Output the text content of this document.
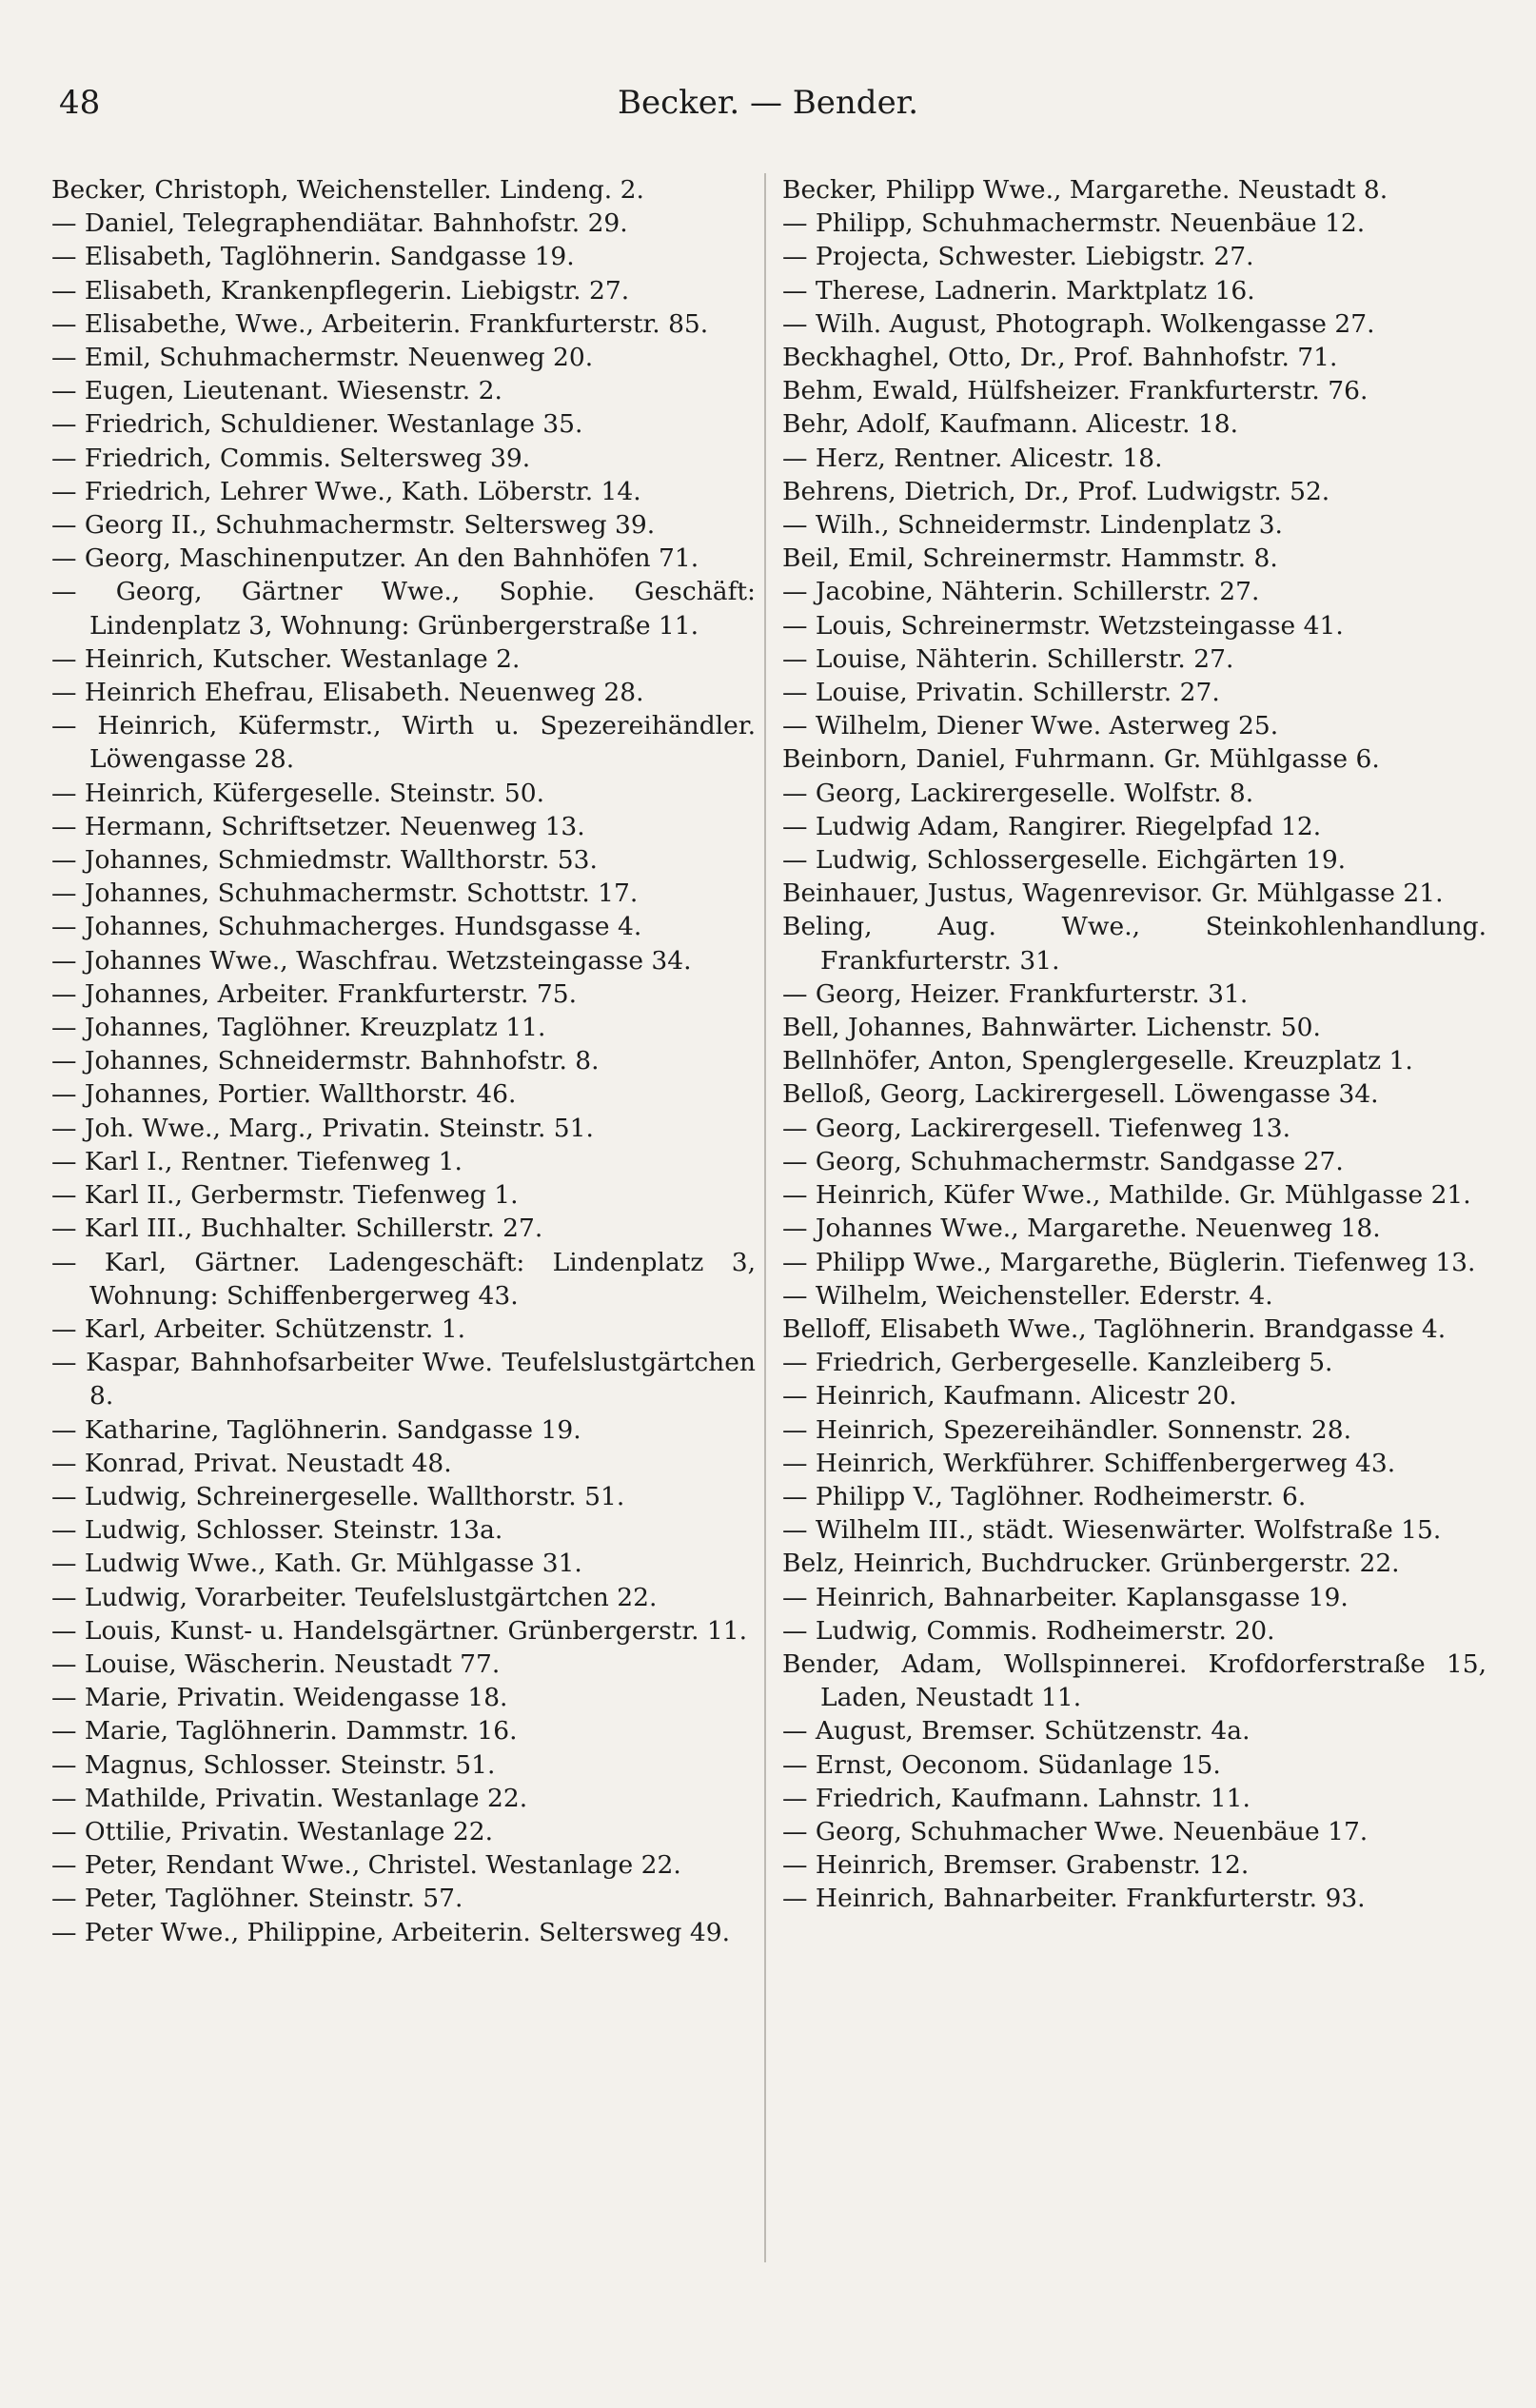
48	Becker. — Bender.
Becker, Christoph, Weichensteller. Lindeng. 2.
— Daniel, Telegraphendiätar. Bahnhofstr. 29.
— Elisabeth, Taglöhnerin. Sandgasse 19.
— Elisabeth, Krankenpflegerin. Liebigstr. 27.
— Elisabethe, Wwe., Arbeiterin. Frankfurterstr. 85.
— Emil, Schuhmachermstr. Neuenweg 20.
— Eugen, Lieutenant. Wiesenstr. 2.
— Friedrich, Schuldiener. Westanlage 35.
— Friedrich, Commis. Seltersweg 39.
— Friedrich, Lehrer Wwe., Kath. Löberstr. 14.
— Georg II., Schuhmachermstr. Seltersweg 39.
— Georg, Maschinenputzer. An den Bahnhöfen 71.
— Georg, Gärtner Wwe., Sophie. Geschäft: Lindenplatz 3, Wohnung: Grünbergerstraße 11.
— Heinrich, Kutscher. Westanlage 2.
— Heinrich Ehefrau, Elisabeth. Neuenweg 28.
— Heinrich, Küfermstr., Wirth u. Spezereihändler. Löwengasse 28.
— Heinrich, Küfergeselle. Steinstr. 50.
— Hermann, Schriftsetzer. Neuenweg 13.
— Johannes, Schmiedmstr. Wallthorstr. 53.
— Johannes, Schuhmachermstr. Schottstr. 17.
— Johannes, Schuhmacherges. Hundsgasse 4.
— Johannes Wwe., Waschfrau. Wetzsteingasse 34.
— Johannes, Arbeiter. Frankfurterstr. 75.
— Johannes, Taglöhner. Kreuzplatz 11.
— Johannes, Schneidermstr. Bahnhofstr. 8.
— Johannes, Portier. Wallthorstr. 46.
— Joh. Wwe., Marg., Privatin. Steinstr. 51.
— Karl I., Rentner. Tiefenweg 1.
— Karl II., Gerbermstr. Tiefenweg 1.
— Karl III., Buchhalter. Schillerstr. 27.
— Karl, Gärtner. Ladengeschäft: Lindenplatz 3, Wohnung: Schiffenbergerweg 43.
— Karl, Arbeiter. Schützenstr. 1.
— Kaspar, Bahnhofsarbeiter Wwe. Teufelslustgärtchen 8.
— Katharine, Taglöhnerin. Sandgasse 19.
— Konrad, Privat. Neustadt 48.
— Ludwig, Schreinergeselle. Wallthorstr. 51.
— Ludwig, Schlosser. Steinstr. 13a.
— Ludwig Wwe., Kath. Gr. Mühlgasse 31.
— Ludwig, Vorarbeiter. Teufelslustgärtchen 22.
— Louis, Kunst- u. Handelsgärtner. Grünbergerstr. 11.
— Louise, Wäscherin. Neustadt 77.
— Marie, Privatin. Weidengasse 18.
— Marie, Taglöhnerin. Dammstr. 16.
— Magnus, Schlosser. Steinstr. 51.
— Mathilde, Privatin. Westanlage 22.
— Ottilie, Privatin. Westanlage 22.
— Peter, Rendant Wwe., Christel. Westanlage 22.
— Peter, Taglöhner. Steinstr. 57.
— Peter Wwe., Philippine, Arbeiterin. Seltersweg 49.
Becker, Philipp Wwe., Margarethe. Neustadt 8.
— Philipp, Schuhmachermstr. Neuenbäue 12.
— Projecta, Schwester. Liebigstr. 27.
— Therese, Ladnerin. Marktplatz 16.
— Wilh. August, Photograph. Wolkengasse 27.
Beckhaghel, Otto, Dr., Prof. Bahnhofstr. 71.
Behm, Ewald, Hülfsheizer. Frankfurterstr. 76.
Behr, Adolf, Kaufmann. Alicestr. 18.
— Herz, Rentner. Alicestr. 18.
Behrens, Dietrich, Dr., Prof. Ludwigstr. 52.
— Wilh., Schneidermstr. Lindenplatz 3.
Beil, Emil, Schreinermstr. Hammstr. 8.
— Jacobine, Nähterin. Schillerstr. 27.
— Louis, Schreinermstr. Wetzsteingasse 41.
— Louise, Nähterin. Schillerstr. 27.
— Louise, Privatin. Schillerstr. 27.
— Wilhelm, Diener Wwe. Asterweg 25.
Beinborn, Daniel, Fuhrmann. Gr. Mühlgasse 6.
— Georg, Lackirergeselle. Wolfstr. 8.
— Ludwig Adam, Rangirer. Riegelpfad 12.
— Ludwig, Schlossergeselle. Eichgärten 19.
Beinhauer, Justus, Wagenrevisor. Gr. Mühlgasse 21.
Beling, Aug. Wwe., Steinkohlenhandlung. Frankfurterstr. 31.
— Georg, Heizer. Frankfurterstr. 31.
Bell, Johannes, Bahnwärter. Lichenstr. 50.
Bellnhöfer, Anton, Spenglergeselle. Kreuzplatz 1.
Belloß, Georg, Lackirergesell. Löwengasse 34.
— Georg, Lackirergesell. Tiefenweg 13.
— Georg, Schuhmachermstr. Sandgasse 27.
— Heinrich, Küfer Wwe., Mathilde. Gr. Mühlgasse 21.
— Johannes Wwe., Margarethe. Neuenweg 18.
— Philipp Wwe., Margarethe, Büglerin. Tiefenweg 13.
— Wilhelm, Weichensteller. Ederstr. 4.
Belloff, Elisabeth Wwe., Taglöhnerin. Brandgasse 4.
— Friedrich, Gerbergeselle. Kanzleiberg 5.
— Heinrich, Kaufmann. Alicestr 20.
— Heinrich, Spezereihändler. Sonnenstr. 28.
— Heinrich, Werkführer. Schiffenbergerweg 43.
— Philipp V., Taglöhner. Rodheimerstr. 6.
— Wilhelm III., städt. Wiesenwärter. Wolfstraße 15.
Belz, Heinrich, Buchdrucker. Grünbergerstr. 22.
— Heinrich, Bahnarbeiter. Kaplansgasse 19.
— Ludwig, Commis. Rodheimerstr. 20.
Bender, Adam, Wollspinnerei. Krofdorferstraße 15, Laden, Neustadt 11.
— August, Bremser. Schützenstr. 4a.
— Ernst, Oeconom. Südanlage 15.
— Friedrich, Kaufmann. Lahnstr. 11.
— Georg, Schuhmacher Wwe. Neuenbäue 17.
— Heinrich, Bremser. Grabenstr. 12.
— Heinrich, Bahnarbeiter. Frankfurterstr. 93.
